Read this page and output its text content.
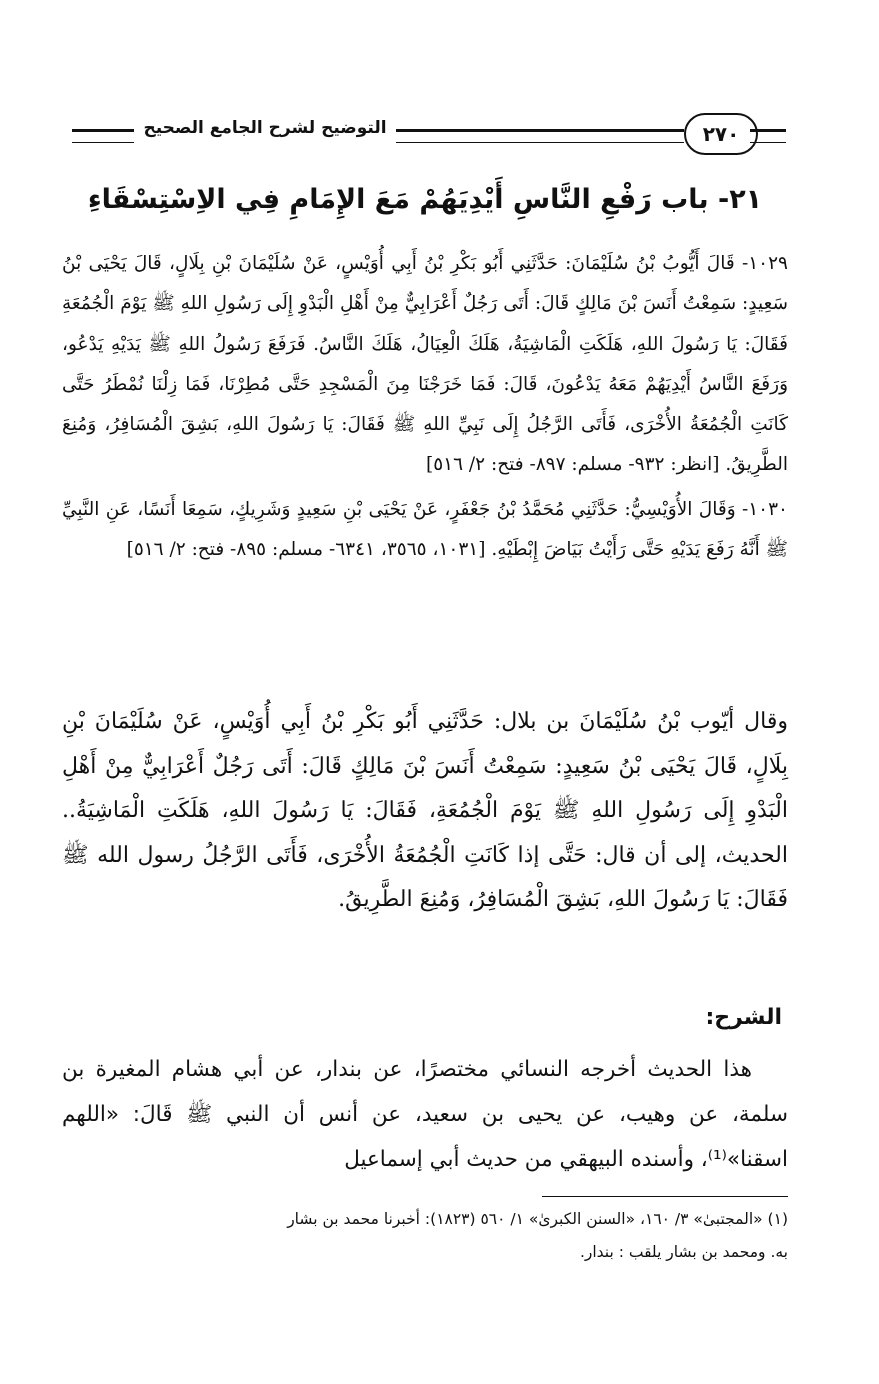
التوضيح لشرح الجامع الصحيح	٢٧٠
٢١- باب رَفْعِ النَّاسِ أَيْدِيَهُمْ مَعَ الإِمَامِ فِي الاِسْتِسْقَاءِ

١٠٢٩- قَالَ أَيُّوبُ بْنُ سُلَيْمَانَ: حَدَّثَنِي أَبُو بَكْرِ بْنُ أَبِي أُوَيْسٍ، عَنْ سُلَيْمَانَ بْنِ بِلَالٍ، قَالَ يَحْيَى بْنُ سَعِيدٍ: سَمِعْتُ أَنَسَ بْنَ مَالِكٍ قَالَ: أَتَى رَجُلٌ أَعْرَابِيٌّ مِنْ أَهْلِ الْبَدْوِ إِلَى رَسُولِ اللهِ ﷺ يَوْمَ الْجُمُعَةِ فَقَالَ: يَا رَسُولَ اللهِ، هَلَكَتِ الْمَاشِيَةُ، هَلَكَ الْعِيَالُ، هَلَكَ النَّاسُ. فَرَفَعَ رَسُولُ اللهِ ﷺ يَدَيْهِ يَدْعُو، وَرَفَعَ النَّاسُ أَيْدِيَهُمْ مَعَهُ يَدْعُونَ، قَالَ: فَمَا خَرَجْنَا مِنَ الْمَسْجِدِ حَتَّى مُطِرْنَا، فَمَا زِلْنَا نُمْطَرُ حَتَّى كَانَتِ الْجُمُعَةُ الأُخْرَى، فَأَتَى الرَّجُلُ إِلَى نَبِيِّ اللهِ ﷺ فَقَالَ: يَا رَسُولَ اللهِ، بَشِقَ الْمُسَافِرُ، وَمُنِعَ الطَّرِيقُ. [انظر: ٩٣٢- مسلم: ٨٩٧- فتح: ٢/ ٥١٦]

١٠٣٠- وَقَالَ الأُوَيْسِيُّ: حَدَّثَنِي مُحَمَّدُ بْنُ جَعْفَرٍ، عَنْ يَحْيَى بْنِ سَعِيدٍ وَشَرِيكٍ، سَمِعَا أَنَسًا، عَنِ النَّبِيِّ ﷺ أَنَّهُ رَفَعَ يَدَيْهِ حَتَّى رَأَيْتُ بَيَاضَ إِبْطَيْهِ. [١٠٣١، ٣٥٦٥، ٦٣٤١- مسلم: ٨٩٥- فتح: ٢/ ٥١٦]

وقال أيّوب بْنُ سُلَيْمَانَ بن بلال: حَدَّثَنِي أَبُو بَكْرِ بْنُ أَبِي أُوَيْسٍ، عَنْ سُلَيْمَانَ بْنِ بِلَالٍ، قَالَ يَحْيَى بْنُ سَعِيدٍ: سَمِعْتُ أَنَسَ بْنَ مَالِكٍ قَالَ: أَتَى رَجُلٌ أَعْرَابِيٌّ مِنْ أَهْلِ الْبَدْوِ إِلَى رَسُولِ اللهِ ﷺ يَوْمَ الْجُمُعَةِ، فَقَالَ: يَا رَسُولَ اللهِ، هَلَكَتِ الْمَاشِيَةُ.. الحديث، إلى أن قال: حَتَّى إذا كَانَتِ الْجُمُعَةُ الأُخْرَى، فَأَتَى الرَّجُلُ رسول الله ﷺ فَقَالَ: يَا رَسُولَ اللهِ، بَشِقَ الْمُسَافِرُ، وَمُنِعَ الطَّرِيقُ.

الشرح:

هذا الحديث أخرجه النسائي مختصرًا، عن بندار، عن أبي هشام المغيرة بن سلمة، عن وهيب، عن يحيى بن سعيد، عن أنس أن النبي ﷺ قَالَ: «اللهم اسقنا»⁽¹⁾، وأسنده البيهقي من حديث أبي إسماعيل

(١) «المجتبىٰ» ٣/ ١٦٠، «السنن الكبرىٰ» ١/ ٥٦٠ (١٨٢٣): أخبرنا محمد بن بشار

به. ومحمد بن بشار يلقب : بندار.
